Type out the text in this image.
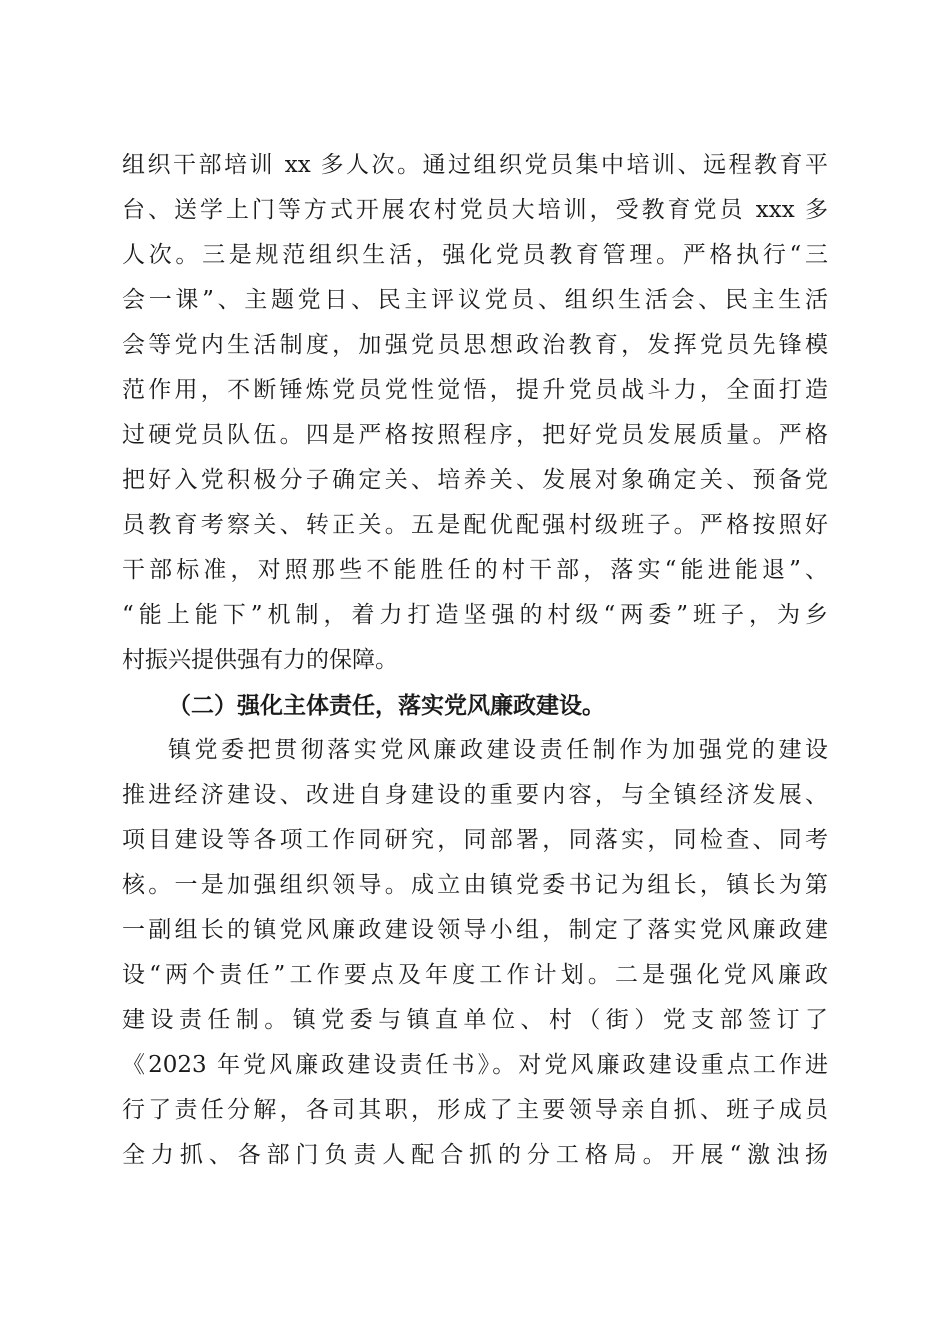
组织干部培训 xx 多人次。通过组织党员集中培训、远程教育平
台、送学上门等方式开展农村党员大培训，受教育党员 xxx 多
人次。三是规范组织生活，强化党员教育管理。严格执行“三
会一课”、主题党日、民主评议党员、组织生活会、民主生活
会等党内生活制度，加强党员思想政治教育，发挥党员先锋模
范作用，不断锤炼党员党性觉悟，提升党员战斗力，全面打造
过硬党员队伍。四是严格按照程序，把好党员发展质量。严格
把好入党积极分子确定关、培养关、发展对象确定关、预备党
员教育考察关、转正关。五是配优配强村级班子。严格按照好
干部标准，对照那些不能胜任的村干部，落实“能进能退”、
“能上能下”机制，着力打造坚强的村级“两委”班子，为乡
村振兴提供强有力的保障。
（二）强化主体责任，落实党风廉政建设。
镇党委把贯彻落实党风廉政建设责任制作为加强党的建设
推进经济建设、改进自身建设的重要内容，与全镇经济发展、
项目建设等各项工作同研究，同部署，同落实，同检查、同考
核。一是加强组织领导。成立由镇党委书记为组长，镇长为第
一副组长的镇党风廉政建设领导小组，制定了落实党风廉政建
设“两个责任”工作要点及年度工作计划。二是强化党风廉政
建设责任制。镇党委与镇直单位、村（街）党支部签订了
《2023 年党风廉政建设责任书》。对党风廉政建设重点工作进
行了责任分解，各司其职，形成了主要领导亲自抓、班子成员
全力抓、各部门负责人配合抓的分工格局。开展“激浊扬
